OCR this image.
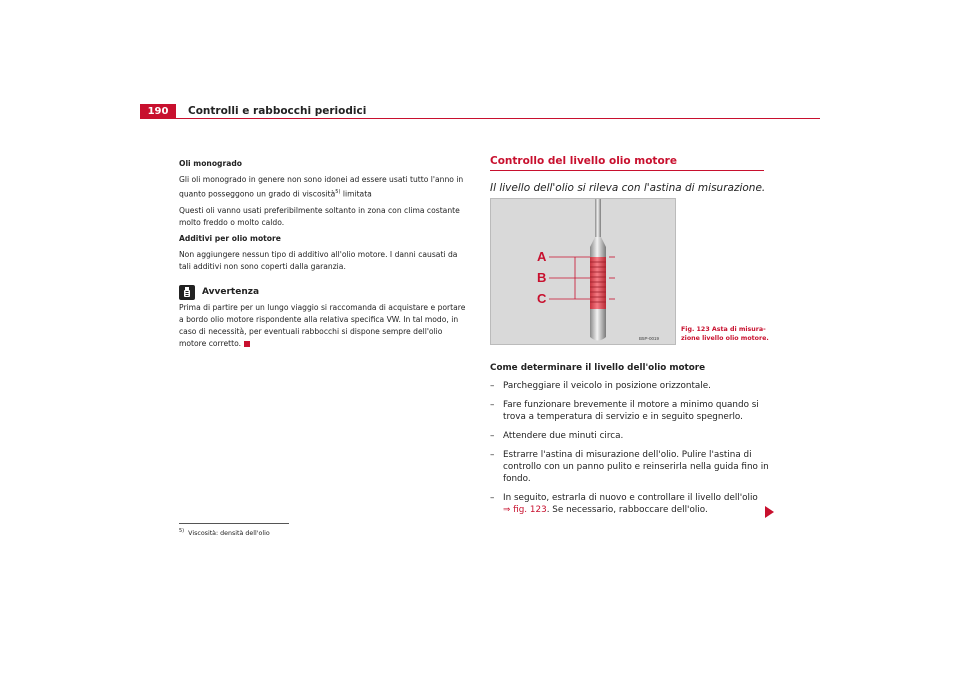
190	Controlli e rabbocchi periodici

Oli monogrado

Gli oli monogrado in genere non sono idonei ad essere usati tutto l'anno in quanto posseggono un grado di viscosità$^{5)}$ limitata

Questi oli vanno usati preferibilmente soltanto in zona con clima costante molto freddo o molto caldo.

Additivi per olio motore

Non aggiungere nessun tipo di additivo all'olio motore. I danni causati da tali additivi non sono coperti dalla garanzia.

Avvertenza

Prima di partire per un lungo viaggio si raccomanda di acquistare e portare a bordo olio motore rispondente alla relativa specifica VW. In tal modo, in caso di necessità, per eventuali rabbocchi si dispone sempre dell'olio motore corretto.

Controllo del livello olio motore
Il livello dell'olio si rileva con l'astina di misurazione.
A
B
C
B5P-0019
Fig. 123 Asta di misura-
zione livello olio motore.
Come determinare il livello dell'olio motore
– Parcheggiare il veicolo in posizione orizzontale.
– Fare funzionare brevemente il motore a minimo quando si trova a temperatura di servizio e in seguito spegnerlo.
– Attendere due minuti circa.
– Estrarre l'astina di misurazione dell'olio. Pulire l'astina di controllo con un panno pulito e reinserirla nella guida fino in fondo.
– In seguito, estrarla di nuovo e controllare il livello dell'olio
⇒ fig. 123. Se necessario, rabboccare dell'olio.
$^{5)}$ Viscosità: densità dell'olio
